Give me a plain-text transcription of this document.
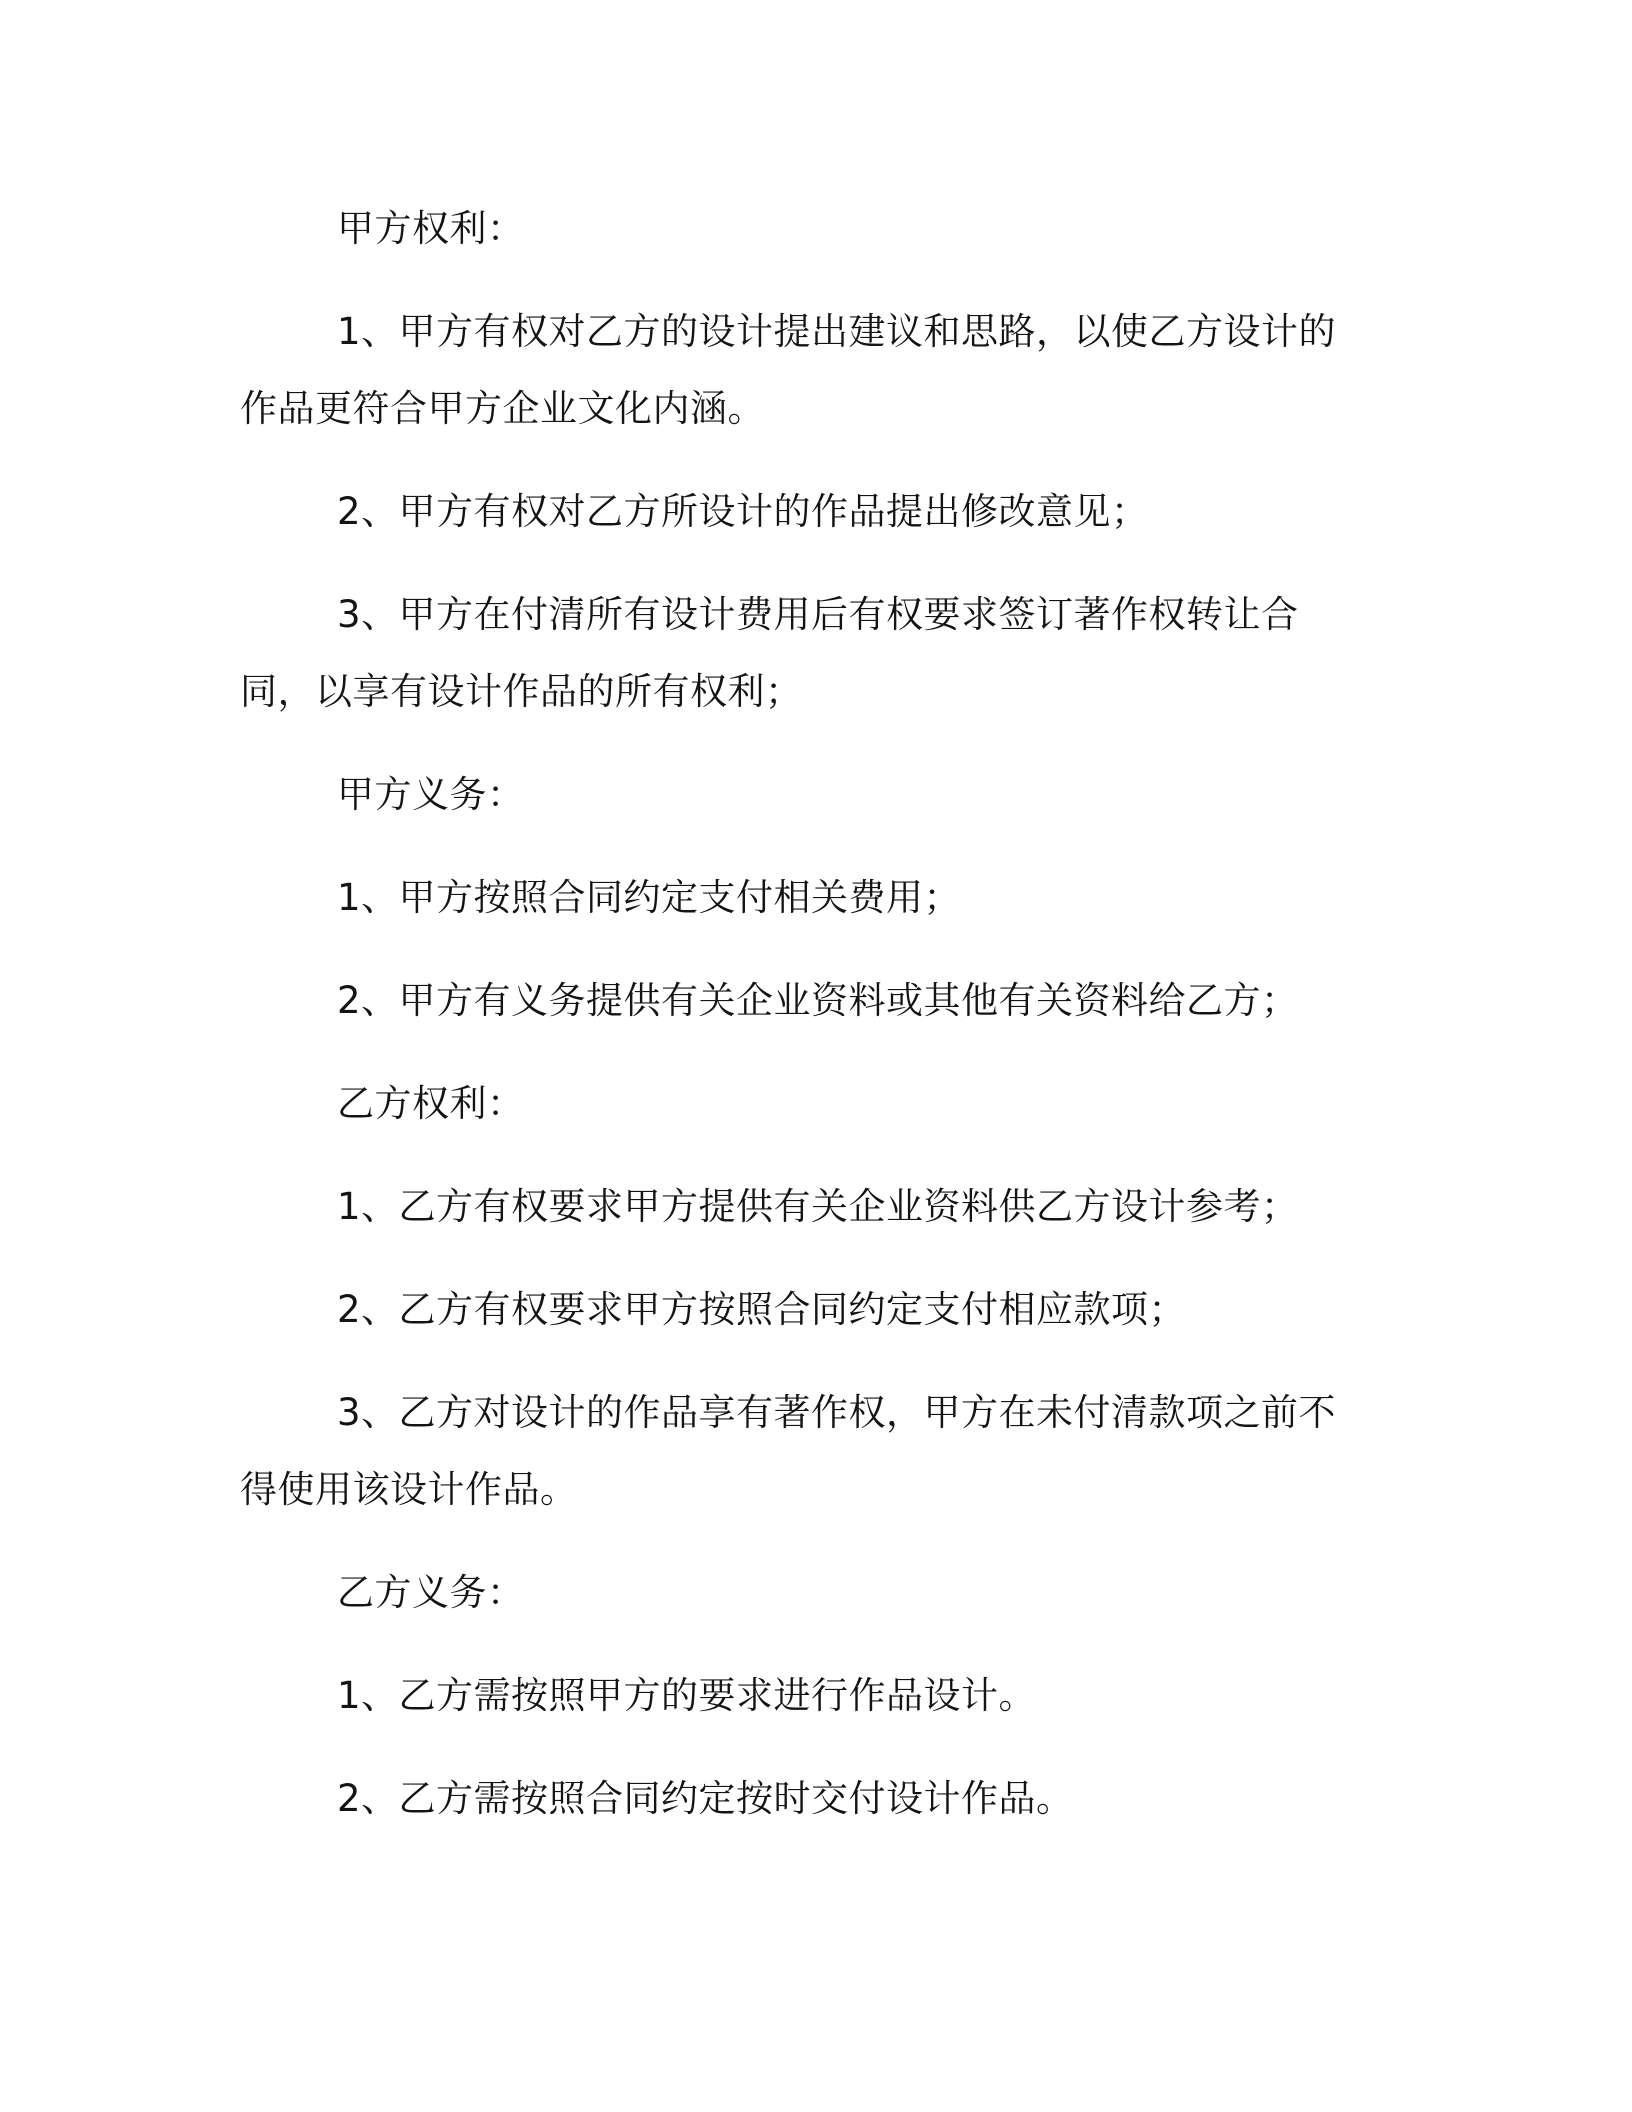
甲方权利：

1、甲方有权对乙方的设计提出建议和思路，以使乙方设计的作品更符合甲方企业文化内涵。

2、甲方有权对乙方所设计的作品提出修改意见；

3、甲方在付清所有设计费用后有权要求签订著作权转让合同，以享有设计作品的所有权利；

甲方义务：

1、甲方按照合同约定支付相关费用；

2、甲方有义务提供有关企业资料或其他有关资料给乙方；

乙方权利：

1、乙方有权要求甲方提供有关企业资料供乙方设计参考；

2、乙方有权要求甲方按照合同约定支付相应款项；

3、乙方对设计的作品享有著作权，甲方在未付清款项之前不得使用该设计作品。

乙方义务：

1、乙方需按照甲方的要求进行作品设计。

2、乙方需按照合同约定按时交付设计作品。
